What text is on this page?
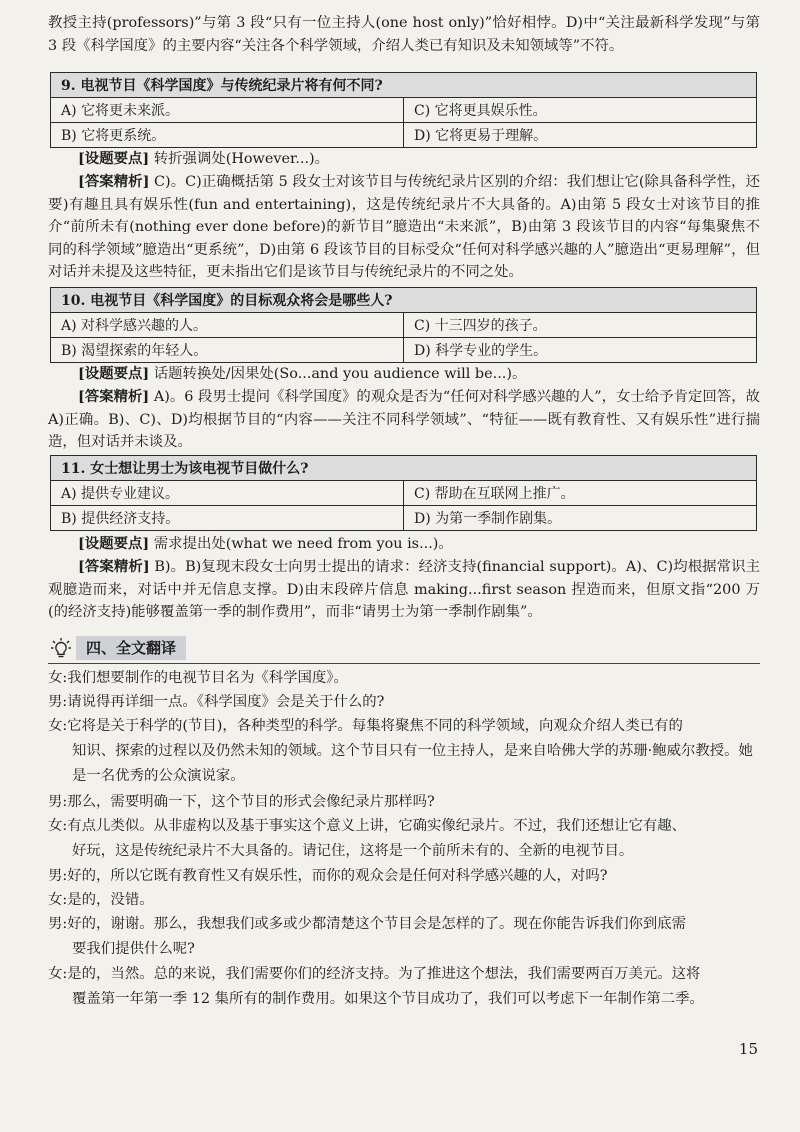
教授主持(professors)”与第 3 段“只有一位主持人(one host only)”恰好相悖。D)中“关注最新科学发现”与第 3 段《科学国度》的主要内容“关注各个科学领域，介绍人类已有知识及未知领域等”不符。

9. 电视节目《科学国度》与传统纪录片将有何不同?	
A) 它将更未来派。	C) 它将更具娱乐性。
B) 它将更系统。	D) 它将更易于理解。

[设题要点] 转折强调处(However...)。

[答案精析] C)。C)正确概括第 5 段女士对该节目与传统纪录片区别的介绍：我们想让它(除具备科学性，还要)有趣且具有娱乐性(fun and entertaining)，这是传统纪录片不大具备的。A)由第 5 段女士对该节目的推介“前所未有(nothing ever done before)的新节目”臆造出“未来派”，B)由第 3 段该节目的内容“每集聚焦不同的科学领域”臆造出“更系统”，D)由第 6 段该节目的目标受众“任何对科学感兴趣的人”臆造出“更易理解”，但对话并未提及这些特征，更未指出它们是该节目与传统纪录片的不同之处。

10. 电视节目《科学国度》的目标观众将会是哪些人?	
A) 对科学感兴趣的人。	C) 十三四岁的孩子。
B) 渴望探索的年轻人。	D) 科学专业的学生。

[设题要点] 话题转换处/因果处(So...and you audience will be...)。

[答案精析] A)。6 段男士提问《科学国度》的观众是否为“任何对科学感兴趣的人”，女士给予肯定回答，故 A)正确。B)、C)、D)均根据节目的“内容——关注不同科学领域”、“特征——既有教育性、又有娱乐性”进行揣造，但对话并未谈及。

11. 女士想让男士为该电视节目做什么?	
A) 提供专业建议。	C) 帮助在互联网上推广。
B) 提供经济支持。	D) 为第一季制作剧集。

[设题要点] 需求提出处(what we need from you is...)。

[答案精析] B)。B)复现末段女士向男士提出的请求：经济支持(financial support)。A)、C)均根据常识主观臆造而来，对话中并无信息支撑。D)由末段碎片信息 making...first season 捏造而来，但原文指“200 万(的经济支持)能够覆盖第一季的制作费用”，而非“请男士为第一季制作剧集”。

四、全文翻译

女:我们想要制作的电视节目名为《科学国度》。

男:请说得再详细一点。《科学国度》会是关于什么的?

女:它将是关于科学的(节目)，各种类型的科学。每集将聚焦不同的科学领域，向观众介绍人类已有的
知识、探索的过程以及仍然未知的领域。这个节目只有一位主持人，是来自哈佛大学的苏珊·鲍威尔教授。她是一名优秀的公众演说家。

男:那么，需要明确一下，这个节目的形式会像纪录片那样吗?

女:有点儿类似。从非虚构以及基于事实这个意义上讲，它确实像纪录片。不过，我们还想让它有趣、
好玩，这是传统纪录片不大具备的。请记住，这将是一个前所未有的、全新的电视节目。

男:好的，所以它既有教育性又有娱乐性，而你的观众会是任何对科学感兴趣的人，对吗?

女:是的，没错。

男:好的，谢谢。那么，我想我们或多或少都清楚这个节目会是怎样的了。现在你能告诉我们你到底需
要我们提供什么呢?

女:是的，当然。总的来说，我们需要你们的经济支持。为了推进这个想法，我们需要两百万美元。这将
覆盖第一年第一季 12 集所有的制作费用。如果这个节目成功了，我们可以考虑下一年制作第二季。

15
